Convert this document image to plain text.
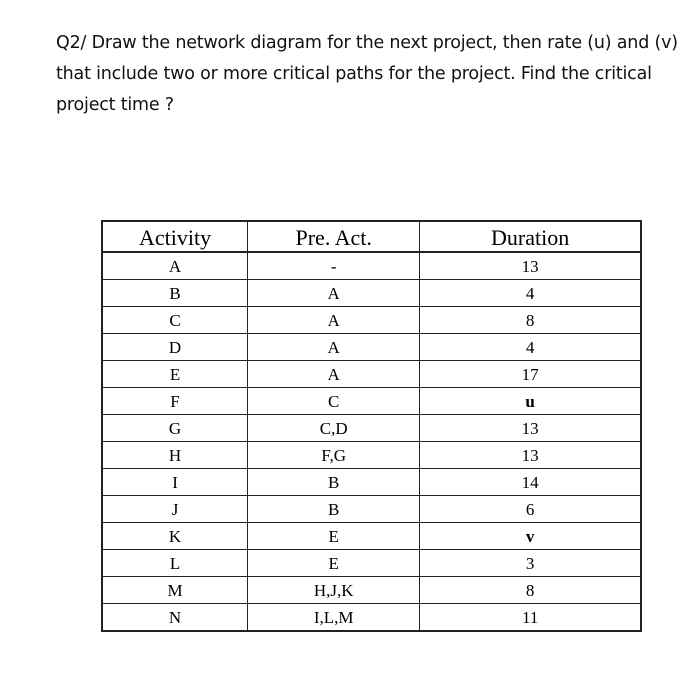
Q2/ Draw the network diagram for the next project, then rate (u) and (v)
that include two or more critical paths for the project. Find the critical
project time ?
Activity	Pre. Act.	Duration
A	-	13
B	A	4
C	A	8
D	A	4
E	A	17
F	C	u
G	C,D	13
H	F,G	13
I	B	14
J	B	6
K	E	v
L	E	3
M	H,J,K	8
N	I,L,M	11
